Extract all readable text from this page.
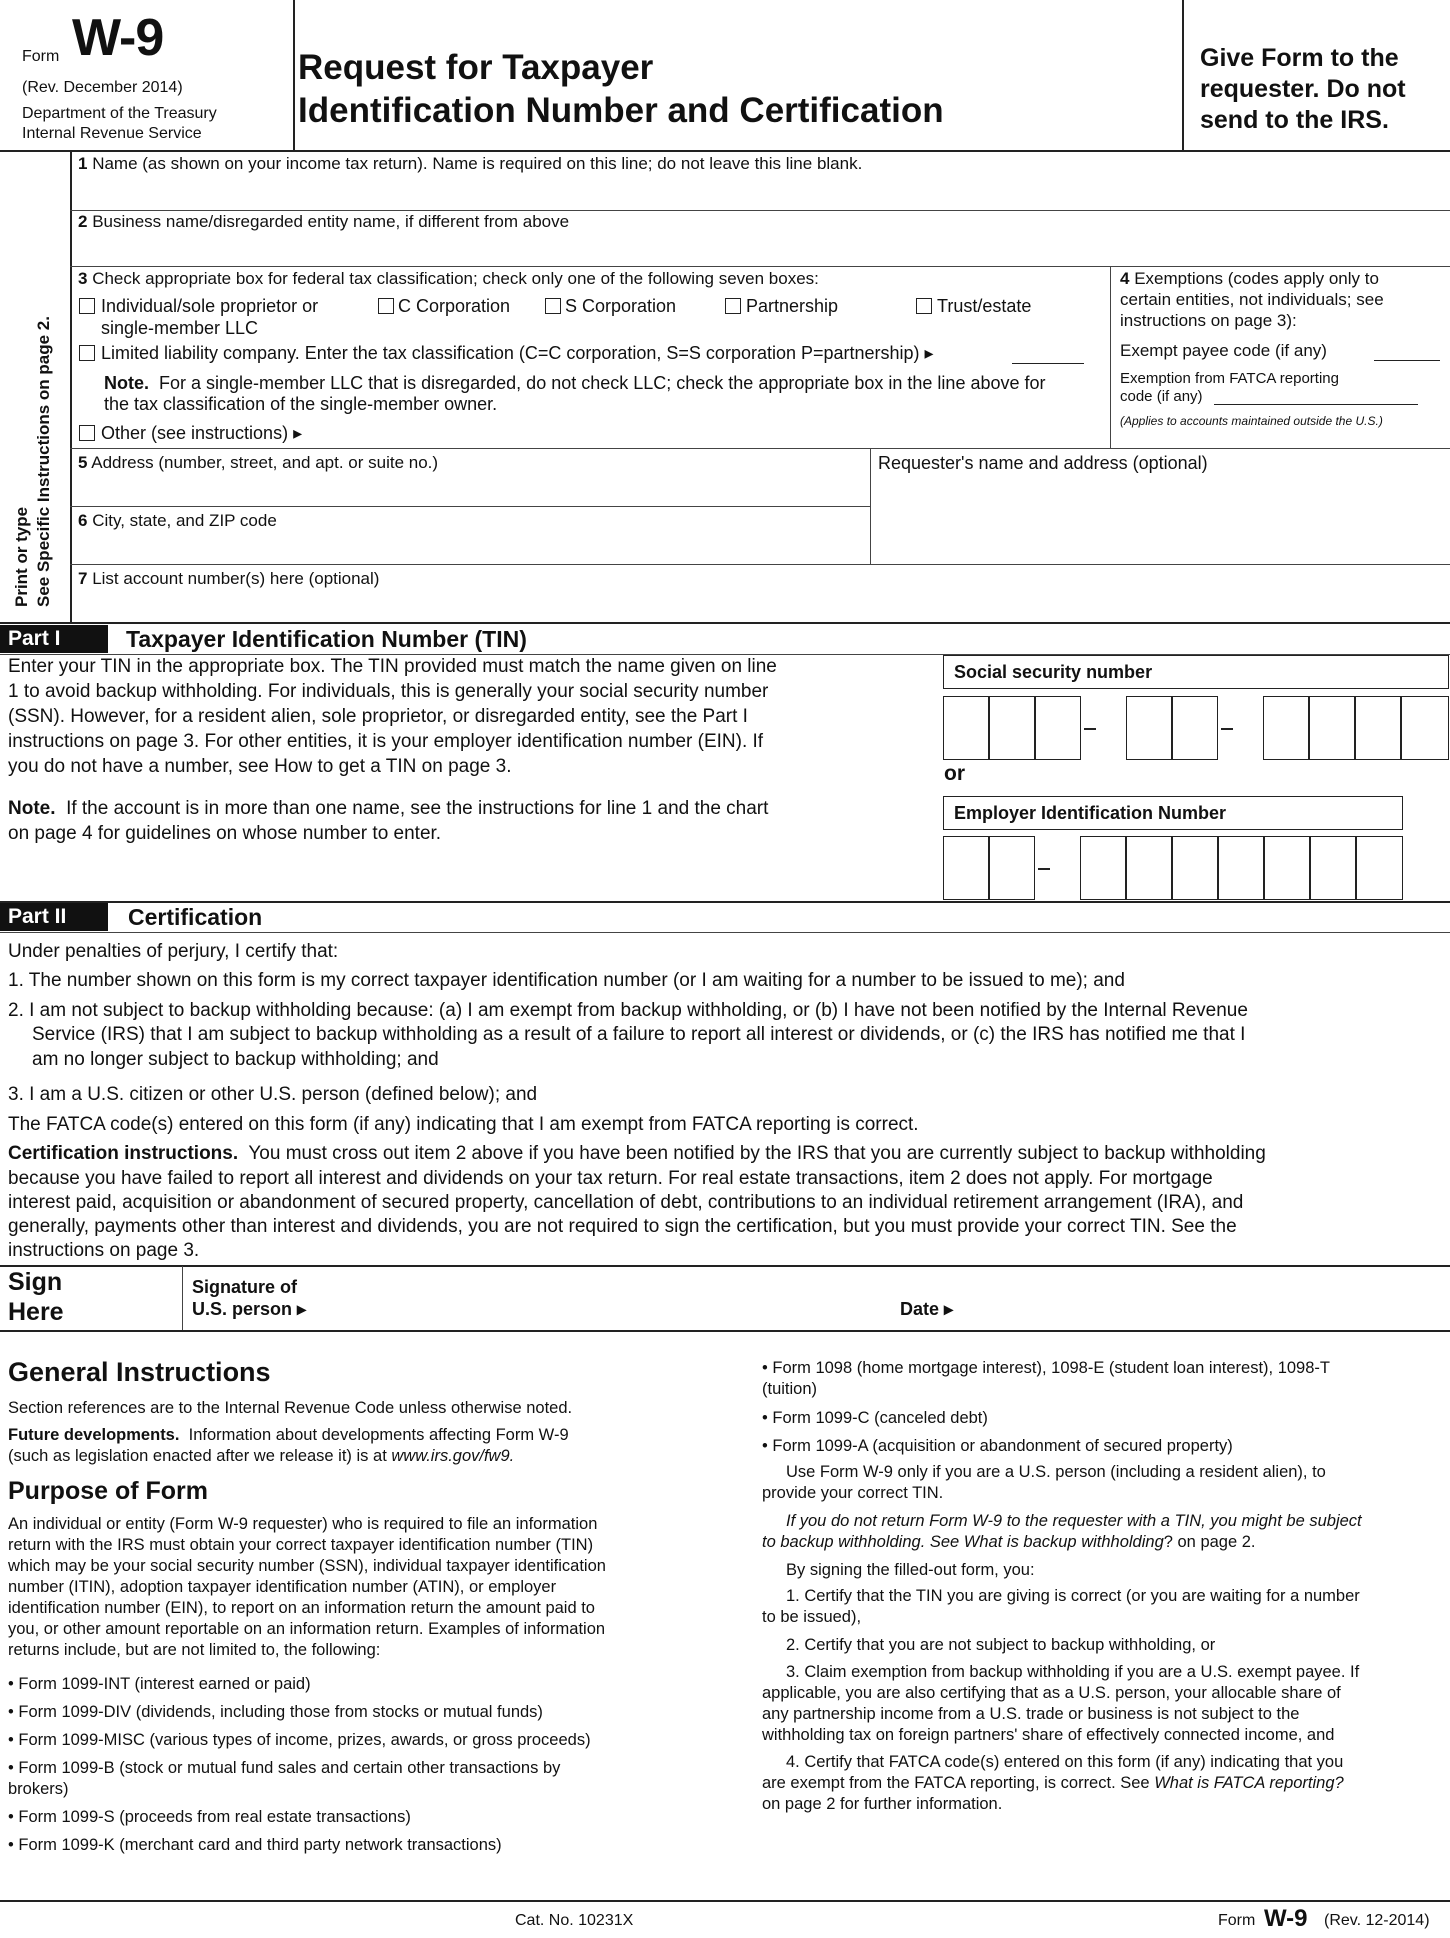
Form W-9
(Rev. December 2014)
Department of the Treasury
Internal Revenue Service
Request for Taxpayer
Identification Number and Certification
Give Form to the
requester. Do not
send to the IRS.
Print or type See Specific Instructions on page 2.
1 Name (as shown on your income tax return). Name is required on this line; do not leave this line blank.
2 Business name/disregarded entity name, if different from above
3 Check appropriate box for federal tax classification; check only one of the following seven boxes:
Individual/sole proprietor or
single-member LLC
C Corporation	S Corporation	Partnership	Trust/estate
Limited liability company. Enter the tax classification (C=C corporation, S=S corporation P=partnership) ▸
Note. For a single-member LLC that is disregarded, do not check LLC; check the appropriate box in the line above for
the tax classification of the single-member owner.
Other (see instructions) ▸
4 Exemptions (codes apply only to
certain entities, not individuals; see
instructions on page 3):
Exempt payee code (if any)
Exemption from FATCA reporting
code (if any)
(Applies to accounts maintained outside the U.S.)
5 Address (number, street, and apt. or suite no.)	Requester's name and address (optional)
6 City, state, and ZIP code
7 List account number(s) here (optional)
Part I	Taxpayer Identification Number (TIN)
Enter your TIN in the appropriate box. The TIN provided must match the name given on line
1 to avoid backup withholding. For individuals, this is generally your social security number
(SSN). However, for a resident alien, sole proprietor, or disregarded entity, see the Part I
instructions on page 3. For other entities, it is your employer identification number (EIN). If
you do not have a number, see How to get a TIN on page 3.
Note. If the account is in more than one name, see the instructions for line 1 and the chart
on page 4 for guidelines on whose number to enter.
Social security number
or
Employer Identification Number
Part II	Certification
Under penalties of perjury, I certify that:
1. The number shown on this form is my correct taxpayer identification number (or I am waiting for a number to be issued to me); and
2. I am not subject to backup withholding because: (a) I am exempt from backup withholding, or (b) I have not been notified by the Internal Revenue
Service (IRS) that I am subject to backup withholding as a result of a failure to report all interest or dividends, or (c) the IRS has notified me that I
am no longer subject to backup withholding; and
3. I am a U.S. citizen or other U.S. person (defined below); and
The FATCA code(s) entered on this form (if any) indicating that I am exempt from FATCA reporting is correct.
Certification instructions. You must cross out item 2 above if you have been notified by the IRS that you are currently subject to backup withholding
because you have failed to report all interest and dividends on your tax return. For real estate transactions, item 2 does not apply. For mortgage
interest paid, acquisition or abandonment of secured property, cancellation of debt, contributions to an individual retirement arrangement (IRA), and
generally, payments other than interest and dividends, you are not required to sign the certification, but you must provide your correct TIN. See the
instructions on page 3.
Sign
Here
Signature of
U.S. person ▸	Date ▸
General Instructions
Section references are to the Internal Revenue Code unless otherwise noted.
Future developments. Information about developments affecting Form W-9
(such as legislation enacted after we release it) is at www.irs.gov/fw9.
Purpose of Form
An individual or entity (Form W-9 requester) who is required to file an information
return with the IRS must obtain your correct taxpayer identification number (TIN)
which may be your social security number (SSN), individual taxpayer identification
number (ITIN), adoption taxpayer identification number (ATIN), or employer
identification number (EIN), to report on an information return the amount paid to
you, or other amount reportable on an information return. Examples of information
returns include, but are not limited to, the following:
• Form 1099-INT (interest earned or paid)
• Form 1099-DIV (dividends, including those from stocks or mutual funds)
• Form 1099-MISC (various types of income, prizes, awards, or gross proceeds)
• Form 1099-B (stock or mutual fund sales and certain other transactions by
brokers)
• Form 1099-S (proceeds from real estate transactions)
• Form 1099-K (merchant card and third party network transactions)
• Form 1098 (home mortgage interest), 1098-E (student loan interest), 1098-T
(tuition)
• Form 1099-C (canceled debt)
• Form 1099-A (acquisition or abandonment of secured property)
Use Form W-9 only if you are a U.S. person (including a resident alien), to
provide your correct TIN.
If you do not return Form W-9 to the requester with a TIN, you might be subject
to backup withholding. See What is backup withholding? on page 2.
By signing the filled-out form, you:
1. Certify that the TIN you are giving is correct (or you are waiting for a number
to be issued),
2. Certify that you are not subject to backup withholding, or
3. Claim exemption from backup withholding if you are a U.S. exempt payee. If
applicable, you are also certifying that as a U.S. person, your allocable share of
any partnership income from a U.S. trade or business is not subject to the
withholding tax on foreign partners' share of effectively connected income, and
4. Certify that FATCA code(s) entered on this form (if any) indicating that you
are exempt from the FATCA reporting, is correct. See What is FATCA reporting?
on page 2 for further information.
Cat. No. 10231X	Form W-9 (Rev. 12-2014)
